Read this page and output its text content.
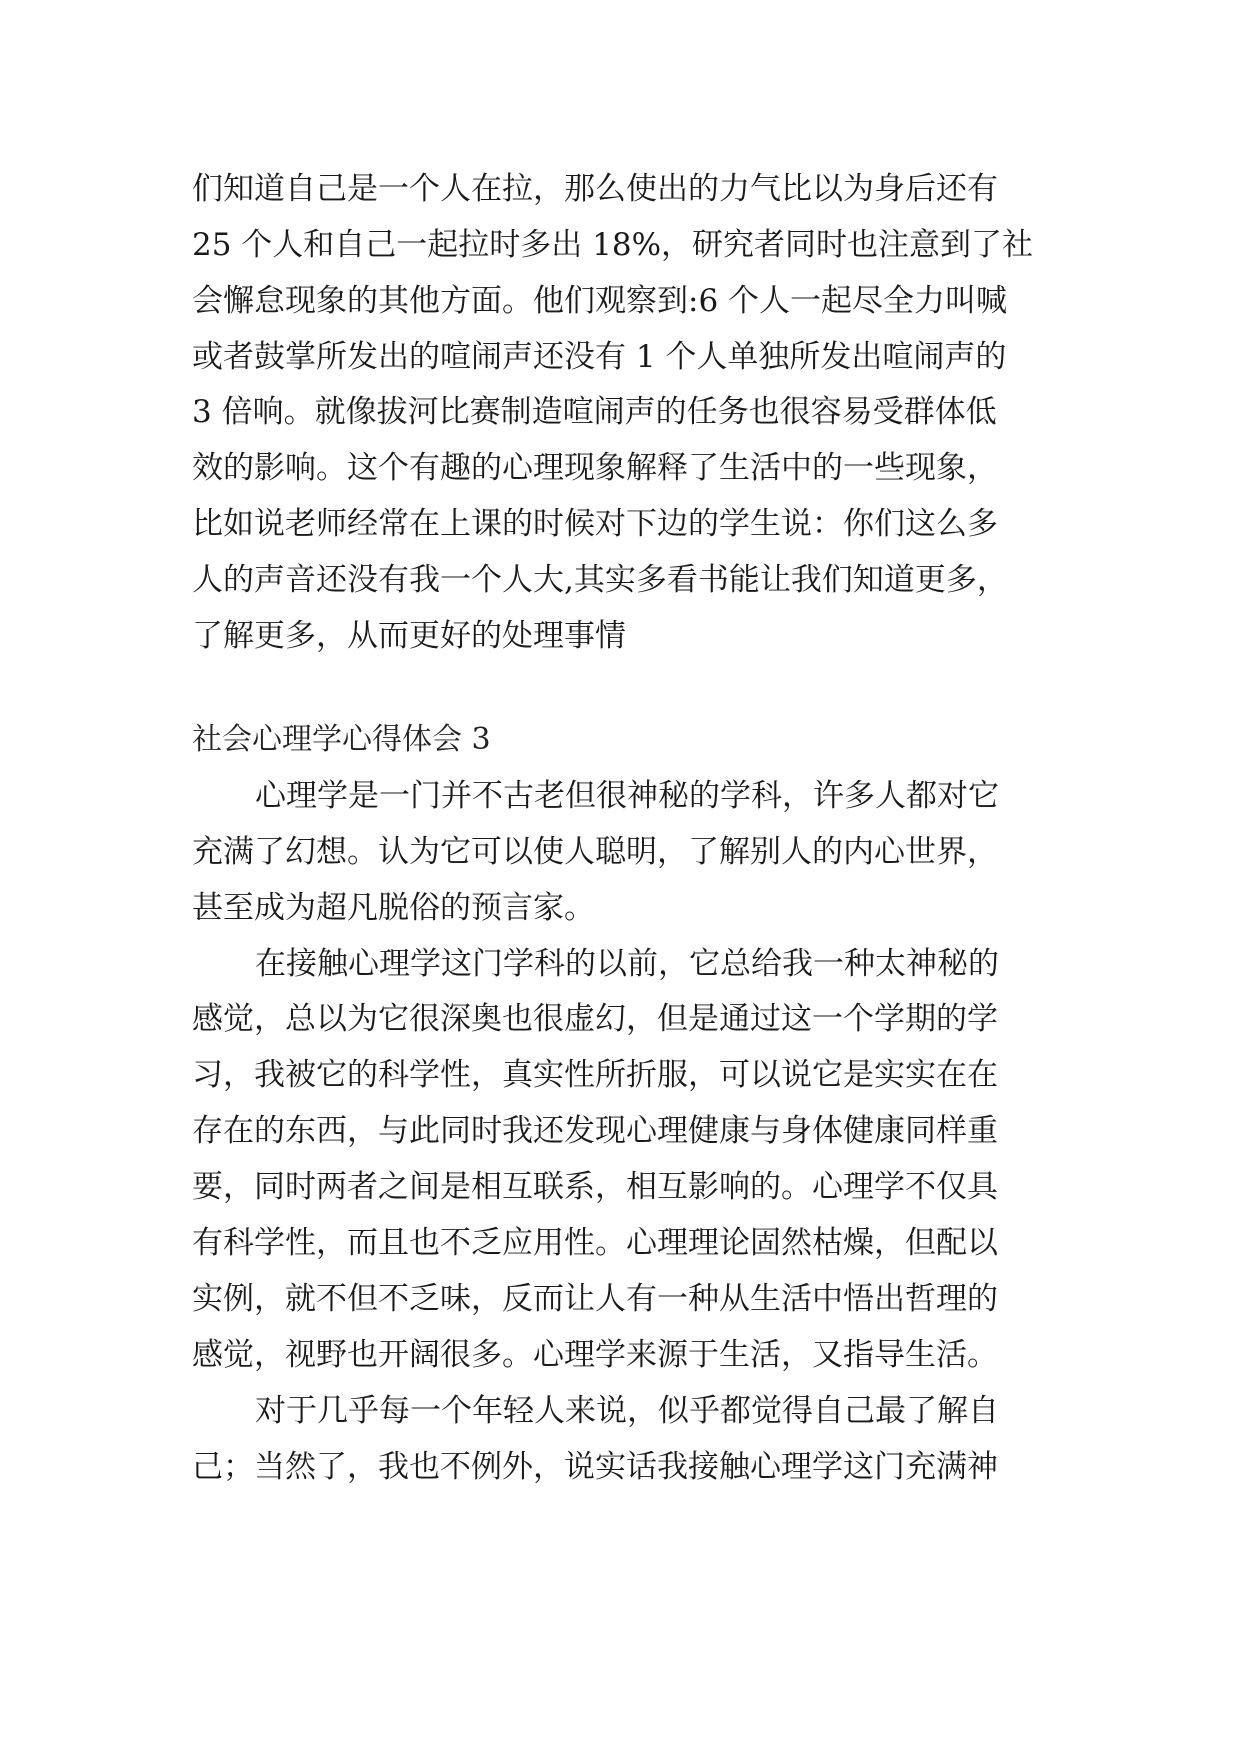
们知道自己是一个人在拉，那么使出的力气比以为身后还有
25 个人和自己一起拉时多出 18%，研究者同时也注意到了社
会懈怠现象的其他方面。他们观察到:6 个人一起尽全力叫喊
或者鼓掌所发出的喧闹声还没有 1 个人单独所发出喧闹声的
3 倍响。就像拔河比赛制造喧闹声的任务也很容易受群体低
效的影响。这个有趣的心理现象解释了生活中的一些现象，
比如说老师经常在上课的时候对下边的学生说：你们这么多
人的声音还没有我一个人大,其实多看书能让我们知道更多，
了解更多，从而更好的处理事情
社会心理学心得体会 3
心理学是一门并不古老但很神秘的学科，许多人都对它
充满了幻想。认为它可以使人聪明，了解别人的内心世界，
甚至成为超凡脱俗的预言家。
在接触心理学这门学科的以前，它总给我一种太神秘的
感觉，总以为它很深奥也很虚幻，但是通过这一个学期的学
习，我被它的科学性，真实性所折服，可以说它是实实在在
存在的东西，与此同时我还发现心理健康与身体健康同样重
要，同时两者之间是相互联系，相互影响的。心理学不仅具
有科学性，而且也不乏应用性。心理理论固然枯燥，但配以
实例，就不但不乏味，反而让人有一种从生活中悟出哲理的
感觉，视野也开阔很多。心理学来源于生活，又指导生活。
对于几乎每一个年轻人来说，似乎都觉得自己最了解自
己；当然了，我也不例外，说实话我接触心理学这门充满神
